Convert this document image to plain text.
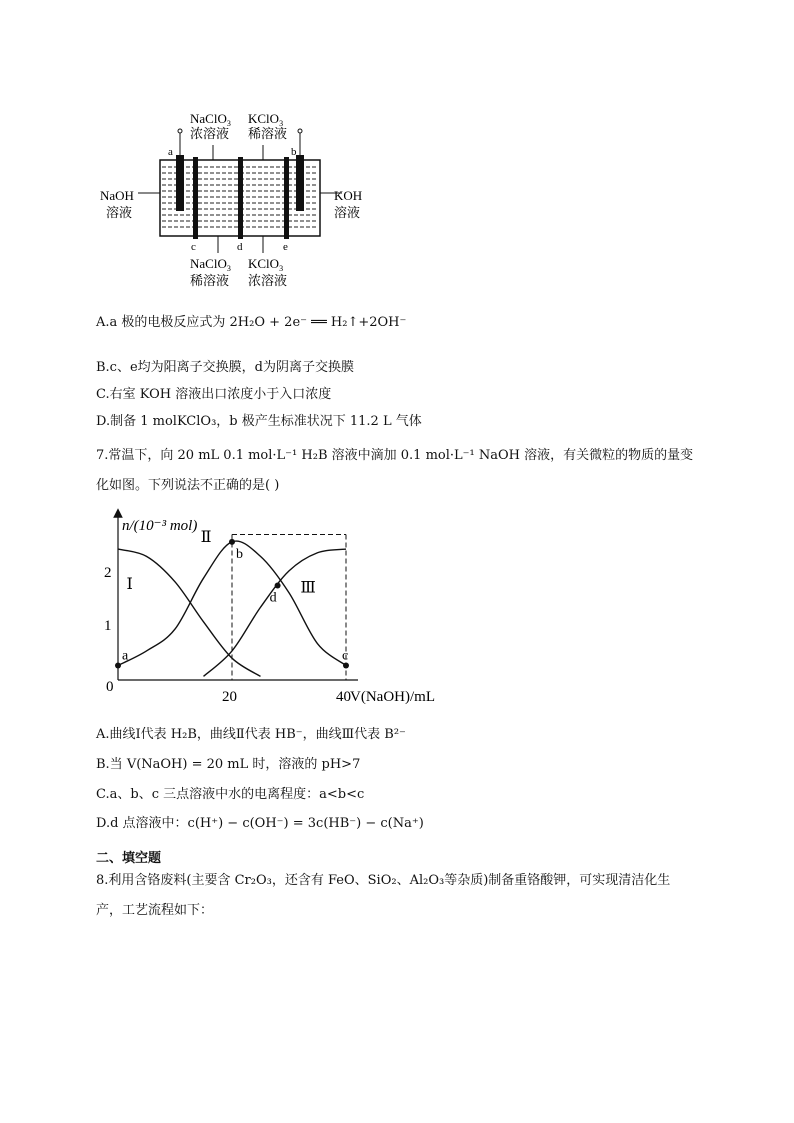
NaClO$_3$
浓溶液
KClO$_3$
稀溶液
NaOH
溶液
KOH
溶液
a	b
c	d	e
NaClO$_3$
稀溶液
KClO$_3$
浓溶液
A.a 极的电极反应式为 2H₂O + 2e⁻ ══ H₂↑+2OH⁻
B.c、e均为阳离子交换膜，d为阴离子交换膜
C.右室 KOH 溶液出口浓度小于入口浓度
D.制备 1 molKClO₃，b 极产生标准状况下 11.2 L 气体
7.常温下，向 20 mL 0.1 mol·L⁻¹ H₂B 溶液中滴加 0.1 mol·L⁻¹ NaOH 溶液，有关微粒的物质的量变
化如图。下列说法不正确的是( )
n/(10⁻³ mol)
V(NaOH)/mL
0
20	40
1
2
Ⅰ
Ⅱ
Ⅲ
a
b
d
c
A.曲线Ⅰ代表 H₂B，曲线Ⅱ代表 HB⁻，曲线Ⅲ代表 B²⁻
B.当 V(NaOH) = 20 mL 时，溶液的 pH>7
C.a、b、c 三点溶液中水的电离程度：a<b<c
D.d 点溶液中：c(H⁺) − c(OH⁻) = 3c(HB⁻) − c(Na⁺)
二、填空题
8.利用含铬废料(主要含 Cr₂O₃，还含有 FeO、SiO₂、Al₂O₃等杂质)制备重铬酸钾，可实现清洁化生
产，工艺流程如下：
